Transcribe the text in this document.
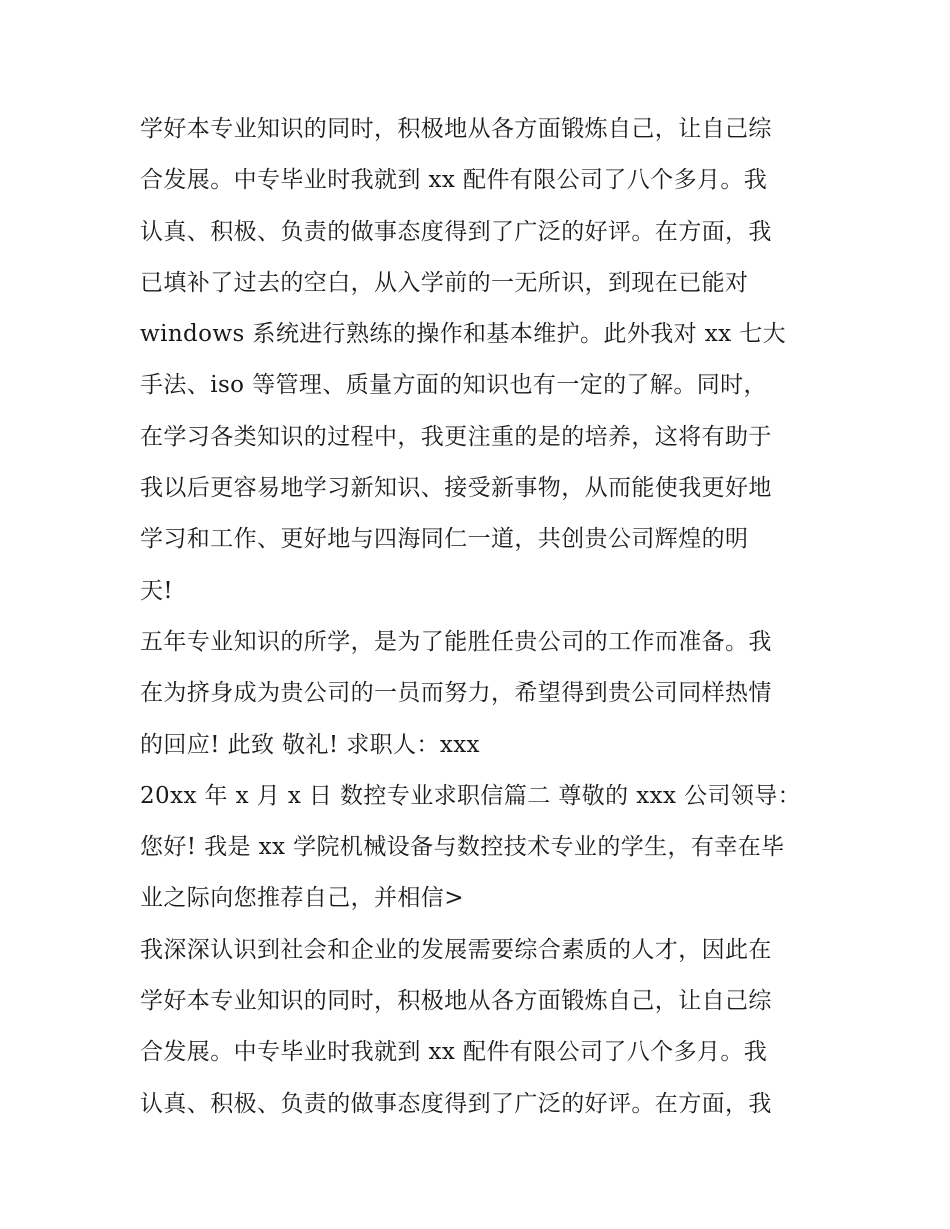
学好本专业知识的同时，积极地从各方面锻炼自己，让自己综
合发展。中专毕业时我就到 xx 配件有限公司了八个多月。我
认真、积极、负责的做事态度得到了广泛的好评。在方面，我
已填补了过去的空白，从入学前的一无所识，到现在已能对
windows 系统进行熟练的操作和基本维护。此外我对 xx 七大
手法、iso 等管理、质量方面的知识也有一定的了解。同时，
在学习各类知识的过程中，我更注重的是的培养，这将有助于
我以后更容易地学习新知识、接受新事物，从而能使我更好地
学习和工作、更好地与四海同仁一道，共创贵公司辉煌的明
天!
五年专业知识的所学，是为了能胜任贵公司的工作而准备。我
在为挤身成为贵公司的一员而努力，希望得到贵公司同样热情
的回应! 此致 敬礼! 求职人：xxx
20xx 年 x 月 x 日 数控专业求职信篇二 尊敬的 xxx 公司领导：
您好! 我是 xx 学院机械设备与数控技术专业的学生，有幸在毕
业之际向您推荐自己，并相信>
我深深认识到社会和企业的发展需要综合素质的人才，因此在
学好本专业知识的同时，积极地从各方面锻炼自己，让自己综
合发展。中专毕业时我就到 xx 配件有限公司了八个多月。我
认真、积极、负责的做事态度得到了广泛的好评。在方面，我
